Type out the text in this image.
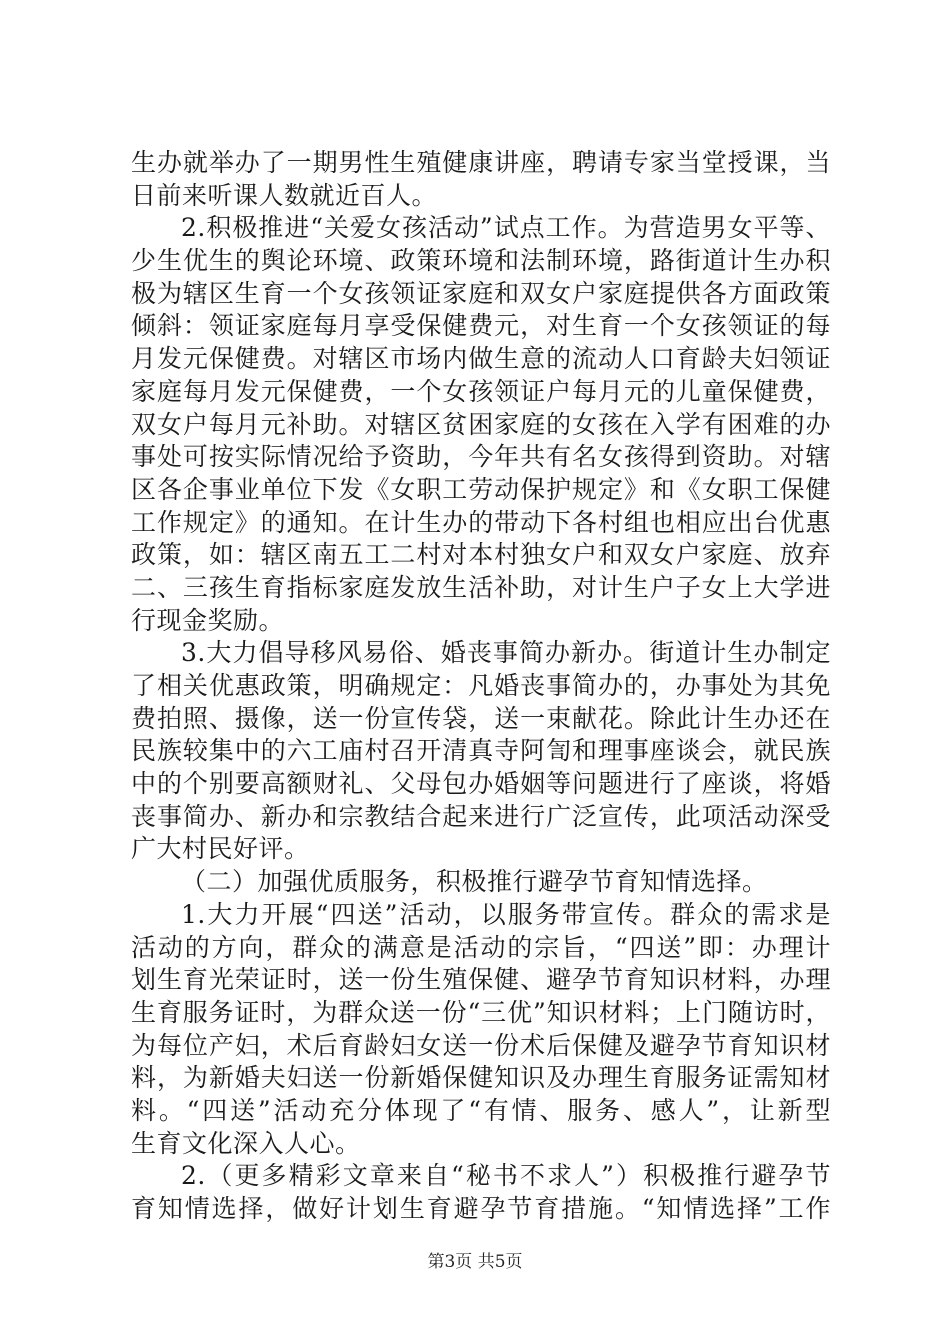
生办就举办了一期男性生殖健康讲座，聘请专家当堂授课，当
日前来听课人数就近百人。
2.积极推进“关爱女孩活动”试点工作。为营造男女平等、
少生优生的舆论环境、政策环境和法制环境，路街道计生办积
极为辖区生育一个女孩领证家庭和双女户家庭提供各方面政策
倾斜：领证家庭每月享受保健费元，对生育一个女孩领证的每
月发元保健费。对辖区市场内做生意的流动人口育龄夫妇领证
家庭每月发元保健费，一个女孩领证户每月元的儿童保健费，
双女户每月元补助。对辖区贫困家庭的女孩在入学有困难的办
事处可按实际情况给予资助，今年共有名女孩得到资助。对辖
区各企事业单位下发《女职工劳动保护规定》和《女职工保健
工作规定》的通知。在计生办的带动下各村组也相应出台优惠
政策，如：辖区南五工二村对本村独女户和双女户家庭、放弃
二、三孩生育指标家庭发放生活补助，对计生户子女上大学进
行现金奖励。
3.大力倡导移风易俗、婚丧事简办新办。街道计生办制定
了相关优惠政策，明确规定：凡婚丧事简办的，办事处为其免
费拍照、摄像，送一份宣传袋，送一束献花。除此计生办还在
民族较集中的六工庙村召开清真寺阿訇和理事座谈会，就民族
中的个别要高额财礼、父母包办婚姻等问题进行了座谈，将婚
丧事简办、新办和宗教结合起来进行广泛宣传，此项活动深受
广大村民好评。
（二）加强优质服务，积极推行避孕节育知情选择。
1.大力开展“四送”活动，以服务带宣传。群众的需求是
活动的方向，群众的满意是活动的宗旨，“四送”即：办理计
划生育光荣证时，送一份生殖保健、避孕节育知识材料，办理
生育服务证时，为群众送一份“三优”知识材料；上门随访时，
为每位产妇，术后育龄妇女送一份术后保健及避孕节育知识材
料，为新婚夫妇送一份新婚保健知识及办理生育服务证需知材
料。“四送”活动充分体现了“有情、服务、感人”，让新型
生育文化深入人心。
2.（更多精彩文章来自“秘书不求人”）积极推行避孕节
育知情选择，做好计划生育避孕节育措施。“知情选择”工作
第3页 共5页
